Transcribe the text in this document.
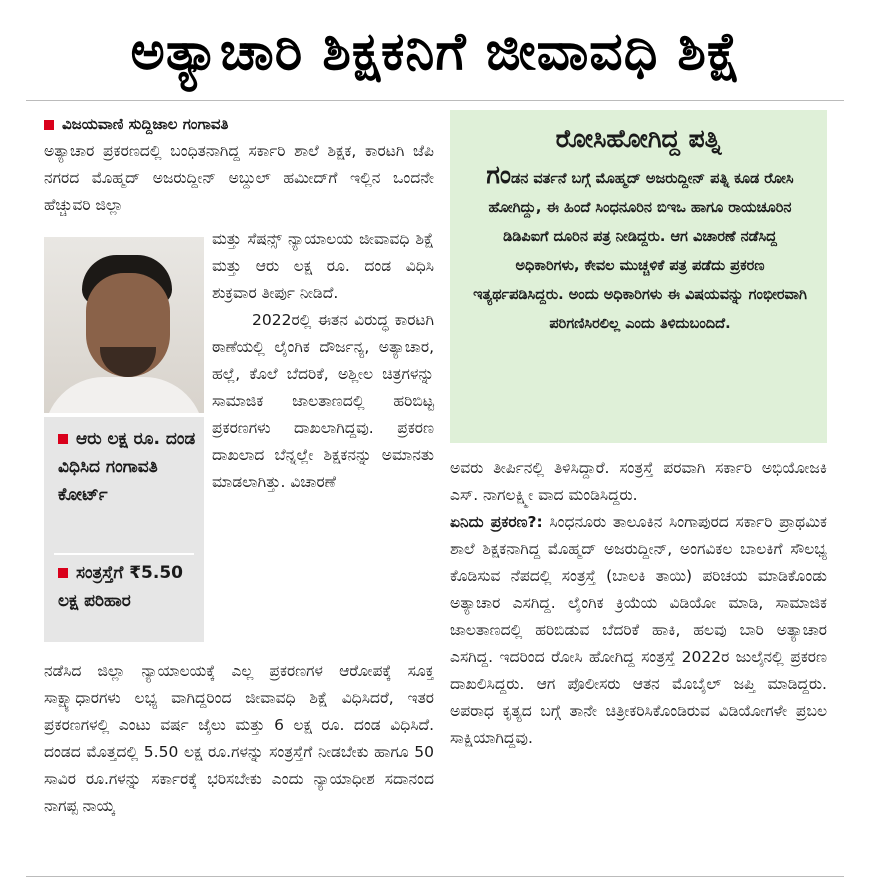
ಅತ್ಯಾಚಾರಿ ಶಿಕ್ಷಕನಿಗೆ ಜೀವಾವಧಿ ಶಿಕ್ಷೆ
ವಿಜಯವಾಣಿ ಸುದ್ದಿಜಾಲ ಗಂಗಾವತಿ

ಅತ್ಯಾಚಾರ ಪ್ರಕರಣದಲ್ಲಿ ಬಂಧಿತನಾಗಿದ್ದ ಸರ್ಕಾರಿ ಶಾಲೆ ಶಿಕ್ಷಕ, ಕಾರಟಗಿ ಜೆಪಿ ನಗರದ ಮೊಹ್ಮದ್ ಅಜರುದ್ದೀನ್ ಅಬ್ದುಲ್ ಹಮೀದ್‌ಗೆ ಇಲ್ಲಿನ ಒಂದನೇ ಹೆಚ್ಚುವರಿ ಜಿಲ್ಲಾ

ಮತ್ತು ಸೆಷನ್ಸ್ ನ್ಯಾಯಾಲಯ ಜೀವಾವಧಿ ಶಿಕ್ಷೆ ಮತ್ತು ಆರು ಲಕ್ಷ ರೂ. ದಂಡ ವಿಧಿಸಿ ಶುಕ್ರವಾರ ತೀರ್ಪು ನೀಡಿದೆ.

2022ರಲ್ಲಿ ಈತನ ವಿರುದ್ಧ ಕಾರಟಗಿ ಠಾಣೆಯಲ್ಲಿ ಲೈಂಗಿಕ ದೌರ್ಜನ್ಯ, ಅತ್ಯಾಚಾರ, ಹಲ್ಲೆ, ಕೊಲೆ ಬೆದರಿಕೆ, ಅಶ್ಲೀಲ ಚಿತ್ರಗಳನ್ನು ಸಾಮಾಜಿಕ ಜಾಲತಾಣದಲ್ಲಿ ಹರಿಬಿಟ್ಟ ಪ್ರಕರಣಗಳು ದಾಖಲಾಗಿದ್ದವು. ಪ್ರಕರಣ ದಾಖಲಾದ ಬೆನ್ನಲ್ಲೇ ಶಿಕ್ಷಕನನ್ನು ಅಮಾನತು ಮಾಡಲಾಗಿತ್ತು. ವಿಚಾರಣೆ

ಆರು ಲಕ್ಷ ರೂ. ದಂಡ ವಿಧಿಸಿದ ಗಂಗಾವತಿ ಕೋರ್ಟ್
ಸಂತ್ರಸ್ತೆಗೆ ₹5.50 ಲಕ್ಷ ಪರಿಹಾರ

ನಡೆಸಿದ ಜಿಲ್ಲಾ ನ್ಯಾಯಾಲಯಕ್ಕೆ ಎಲ್ಲ ಪ್ರಕರಣಗಳ ಆರೋಪಕ್ಕೆ ಸೂಕ್ತ ಸಾಕ್ಷ್ಯಾಧಾರಗಳು ಲಭ್ಯ ವಾಗಿದ್ದರಿಂದ ಜೀವಾವಧಿ ಶಿಕ್ಷೆ ವಿಧಿಸಿದರೆ, ಇತರ ಪ್ರಕರಣಗಳಲ್ಲಿ ಎಂಟು ವರ್ಷ ಜೈಲು ಮತ್ತು 6 ಲಕ್ಷ ರೂ. ದಂಡ ವಿಧಿಸಿದೆ. ದಂಡದ ಮೊತ್ತದಲ್ಲಿ 5.50 ಲಕ್ಷ ರೂ.ಗಳನ್ನು ಸಂತ್ರಸ್ತೆಗೆ ನೀಡಬೇಕು ಹಾಗೂ 50 ಸಾವಿರ ರೂ.ಗಳನ್ನು ಸರ್ಕಾರಕ್ಕೆ ಭರಿಸಬೇಕು ಎಂದು ನ್ಯಾಯಾಧೀಶ ಸದಾನಂದ ನಾಗಪ್ಪ ನಾಯ್ಕ

ರೋಸಿಹೋಗಿದ್ದ ಪತ್ನಿ
ಗಂಡನ ವರ್ತನೆ ಬಗ್ಗೆ ಮೊಹ್ಮದ್ ಅಜರುದ್ದೀನ್ ಪತ್ನಿ ಕೂಡ ರೋಸಿ ಹೋಗಿದ್ದು, ಈ ಹಿಂದೆ ಸಿಂಧನೂರಿನ ಬಿಇಒ ಹಾಗೂ ರಾಯಚೂರಿನ ಡಿಡಿಪಿಐಗೆ ದೂರಿನ ಪತ್ರ ನೀಡಿದ್ದರು. ಆಗ ವಿಚಾರಣೆ ನಡೆಸಿದ್ದ ಅಧಿಕಾರಿಗಳು, ಕೇವಲ ಮುಚ್ಚಳಿಕೆ ಪತ್ರ ಪಡೆದು ಪ್ರಕರಣ ಇತ್ಯರ್ಥಪಡಿಸಿದ್ದರು. ಅಂದು ಅಧಿಕಾರಿಗಳು ಈ ವಿಷಯವನ್ನು ಗಂಭೀರವಾಗಿ ಪರಿಗಣಿಸಿರಲಿಲ್ಲ ಎಂದು ತಿಳಿದುಬಂದಿದೆ.

ಅವರು ತೀರ್ಪಿನಲ್ಲಿ ತಿಳಿಸಿದ್ದಾರೆ. ಸಂತ್ರಸ್ತೆ ಪರವಾಗಿ ಸರ್ಕಾರಿ ಅಭಿಯೋಜಕಿ ಎಸ್. ನಾಗಲಕ್ಷ್ಮೀ ವಾದ ಮಂಡಿಸಿದ್ದರು.

ಏನಿದು ಪ್ರಕರಣ?: ಸಿಂಧನೂರು ತಾಲೂಕಿನ ಸಿಂಗಾಪುರದ ಸರ್ಕಾರಿ ಪ್ರಾಥಮಿಕ ಶಾಲೆ ಶಿಕ್ಷಕನಾಗಿದ್ದ ಮೊಹ್ಮದ್ ಅಜರುದ್ದೀನ್, ಅಂಗವಿಕಲ ಬಾಲಕಿಗೆ ಸೌಲಭ್ಯ ಕೊಡಿಸುವ ನೆಪದಲ್ಲಿ ಸಂತ್ರಸ್ತೆ (ಬಾಲಕಿ ತಾಯಿ) ಪರಿಚಯ ಮಾಡಿಕೊಂಡು ಅತ್ಯಾಚಾರ ಎಸಗಿದ್ದ. ಲೈಂಗಿಕ ಕ್ರಿಯೆಯ ವಿಡಿಯೋ ಮಾಡಿ, ಸಾಮಾಜಿಕ ಜಾಲತಾಣದಲ್ಲಿ ಹರಿಬಿಡುವ ಬೆದರಿಕೆ ಹಾಕಿ, ಹಲವು ಬಾರಿ ಅತ್ಯಾಚಾರ ಎಸಗಿದ್ದ. ಇದರಿಂದ ರೋಸಿ ಹೋಗಿದ್ದ ಸಂತ್ರಸ್ತೆ 2022ರ ಜುಲೈನಲ್ಲಿ ಪ್ರಕರಣ ದಾಖಲಿಸಿದ್ದರು. ಆಗ ಪೊಲೀಸರು ಆತನ ಮೊಬೈಲ್ ಜಪ್ತಿ ಮಾಡಿದ್ದರು. ಅಪರಾಧ ಕೃತ್ಯದ ಬಗ್ಗೆ ತಾನೇ ಚಿತ್ರೀಕರಿಸಿಕೊಂಡಿರುವ ವಿಡಿಯೋಗಳೇ ಪ್ರಬಲ ಸಾಕ್ಷಿಯಾಗಿದ್ದವು.
